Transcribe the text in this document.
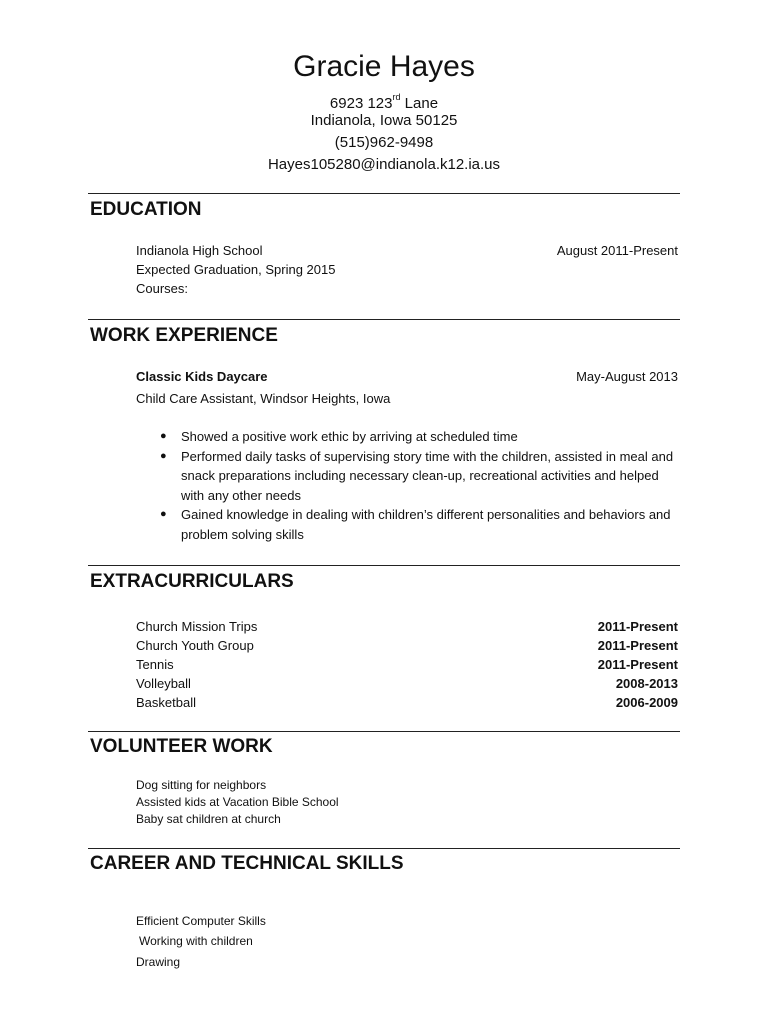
Gracie Hayes
6923 123rd Lane
Indianola, Iowa 50125
(515)962-9498
Hayes105280@indianola.k12.ia.us
EDUCATION
Indianola High School	August 2011-Present
Expected Graduation, Spring 2015
Courses:
WORK EXPERIENCE
Classic Kids Daycare	May-August 2013
Child Care Assistant, Windsor Heights, Iowa
● Showed a positive work ethic by arriving at scheduled time
● Performed daily tasks of supervising story time with the children, assisted in meal and snack preparations including necessary clean-up, recreational activities and helped with any other needs
● Gained knowledge in dealing with children’s different personalities and behaviors and problem solving skills
EXTRACURRICULARS
Church Mission Trips	2011-Present
Church Youth Group	2011-Present
Tennis	2011-Present
Volleyball	2008-2013
Basketball	2006-2009
VOLUNTEER WORK
Dog sitting for neighbors
Assisted kids at Vacation Bible School
Baby sat children at church
CAREER AND TECHNICAL SKILLS
Efficient Computer Skills
Working with children
Drawing
